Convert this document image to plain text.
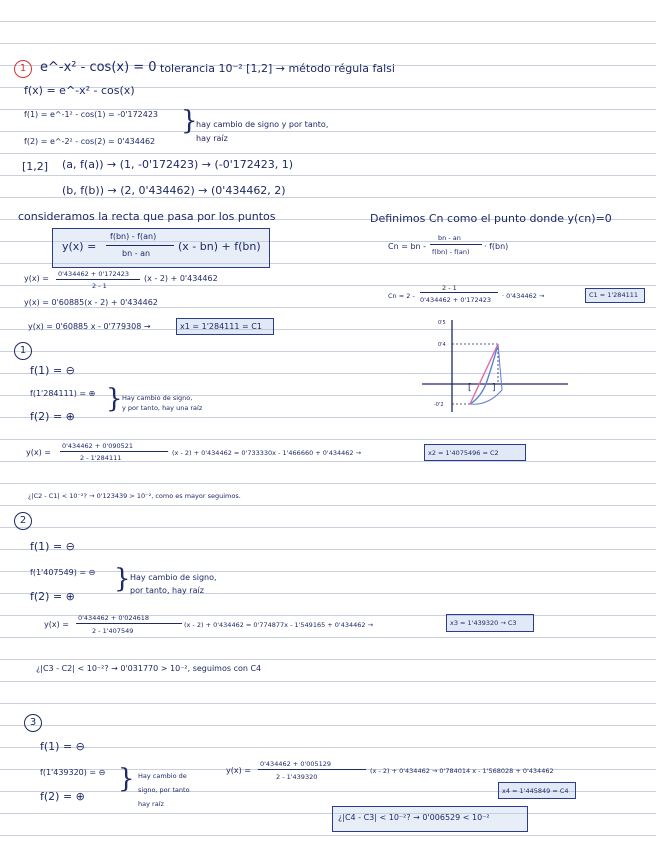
1	e^-x² - cos(x) = 0 tolerancia 10⁻² [1,2] → método régula falsi
f(x) = e^-x² - cos(x)
f(1) = e^-1² - cos(1) = -0'172423
f(2) = e^-2² - cos(2) = 0'434462
}
hay cambio de signo y por tanto,
hay raíz
[1,2] (a, f(a)) → (1, -0'172423) → (-0'172423, 1)
(b, f(b)) → (2, 0'434462) → (0'434462, 2)
consideramos la recta que pasa por los puntos
y(x) =
f(bn) - f(an)
bn - an
(x - bn) + f(bn)
Definimos Cn como el punto donde y(cn)=0
Cn = bn -
bn - an
f(bn) - f(an)
· f(bn)
y(x) = 0'434462 + 0'172423
2 - 1
(x - 2) + 0'434462
Cn = 2 -
2 - 1
0'434462 + 0'172423 · 0'434462 →	C1 = 1'284111
y(x) = 0'60885(x - 2) + 0'434462
y(x) = 0'60885 x - 0'779308 →	x1 = 1'284111 = C1
[ ]
0'5
0'4
-0'2
1
f(1) = ⊖
f(1'284111) = ⊕
f(2) = ⊕
} Hay cambio de signo,
y por tanto, hay una raíz
y(x) =
0'434462 + 0'090521
2 - 1'284111
(x - 2) + 0'434462 = 0'733330x - 1'466660 + 0'434462 →	x2 = 1'4075496 = C2
¿|C2 - C1| < 10⁻²? → 0'123439 > 10⁻², como es mayor seguimos.
2
f(1) = ⊖
f(1'407549) = ⊖
f(2) = ⊕
} Hay cambio de signo,
por tanto, hay raíz
y(x) =
0'434462 + 0'024618
2 - 1'407549
(x - 2) + 0'434462 = 0'774877x - 1'549165 + 0'434462 →	x3 = 1'439320 → C3
¿|C3 - C2| < 10⁻²? → 0'031770 > 10⁻², seguimos con C4
3
f(1) = ⊖
f(1'439320) = ⊖
f(2) = ⊕
} Hay cambio de
signo, por tanto
hay raíz
y(x) =
0'434462 + 0'005129
2 - 1'439320
(x - 2) + 0'434462 → 0'784014 x - 1'568028 + 0'434462
x4 = 1'445849 = C4
¿|C4 - C3| < 10⁻²? → 0'006529 < 10⁻²
